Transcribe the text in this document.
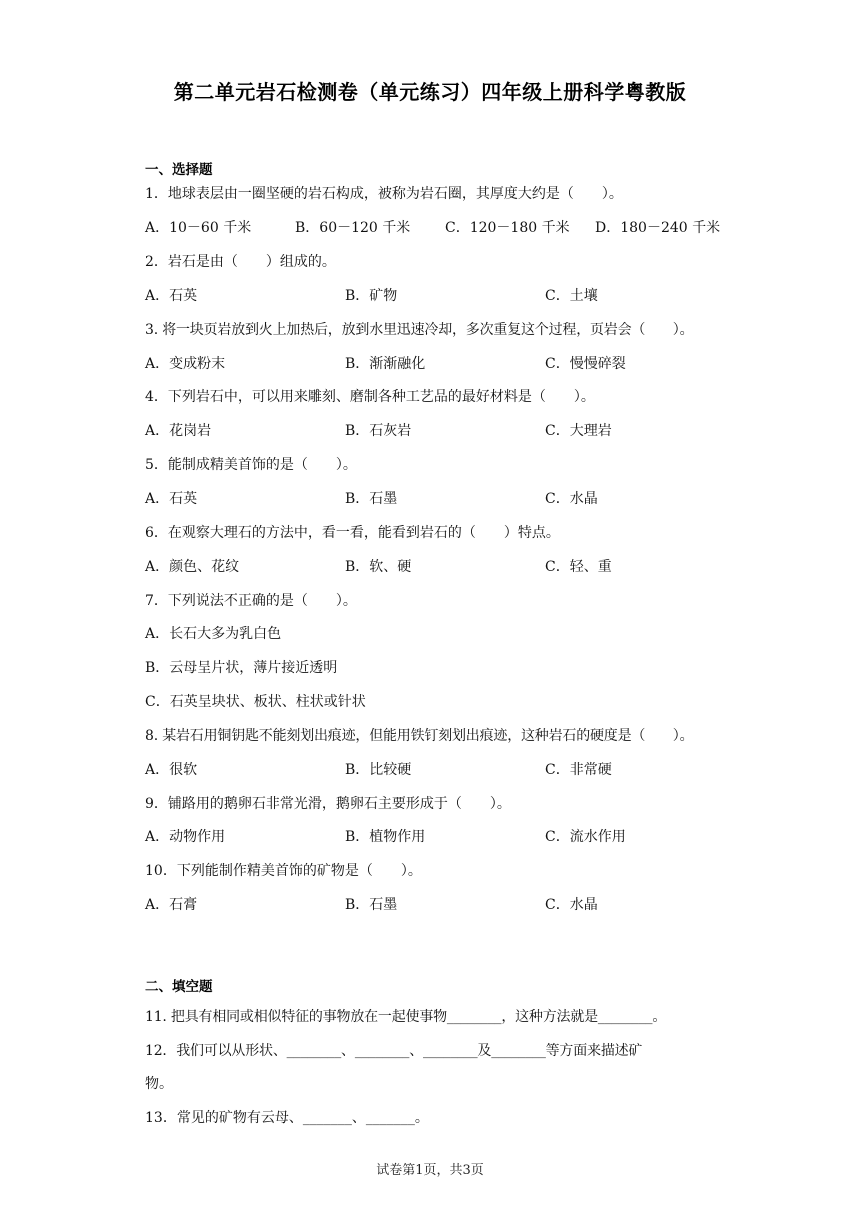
第二单元岩石检测卷（单元练习）四年级上册科学粤教版
一、选择题
1．地球表层由一圈坚硬的岩石构成，被称为岩石圈，其厚度大约是（　　）。
A．10－60 千米	B．60－120 千米 C．120－180 千米 D．180－240 千米
2．岩石是由（　　）组成的。
A．石英	B．矿物	C．土壤
3. 将一块页岩放到火上加热后，放到水里迅速冷却，多次重复这个过程，页岩会（　　）。
A．变成粉末	B．渐渐融化	C．慢慢碎裂
4．下列岩石中，可以用来雕刻、磨制各种工艺品的最好材料是（　　）。
A．花岗岩	B．石灰岩	C．大理岩
5．能制成精美首饰的是（　　）。
A．石英	B．石墨	C．水晶
6．在观察大理石的方法中，看一看，能看到岩石的（　　）特点。
A．颜色、花纹	B．软、硬	C．轻、重
7．下列说法不正确的是（　　）。
A．长石大多为乳白色
B．云母呈片状，薄片接近透明
C．石英呈块状、板状、柱状或针状
8. 某岩石用铜钥匙不能刻划出痕迹，但能用铁钉刻划出痕迹，这种岩石的硬度是（　　）。
A．很软	B．比较硬	C．非常硬
9．铺路用的鹅卵石非常光滑，鹅卵石主要形成于（　　）。
A．动物作用	B．植物作用	C．流水作用
10．下列能制作精美首饰的矿物是（　　）。
A．石膏	B．石墨	C．水晶
二、填空题
11. 把具有相同或相似特征的事物放在一起使事物________，这种方法就是________。
12．我们可以从形状、________、________、________及________等方面来描述矿
物。
13．常见的矿物有云母、_______、_______。
试卷第1页，共3页
